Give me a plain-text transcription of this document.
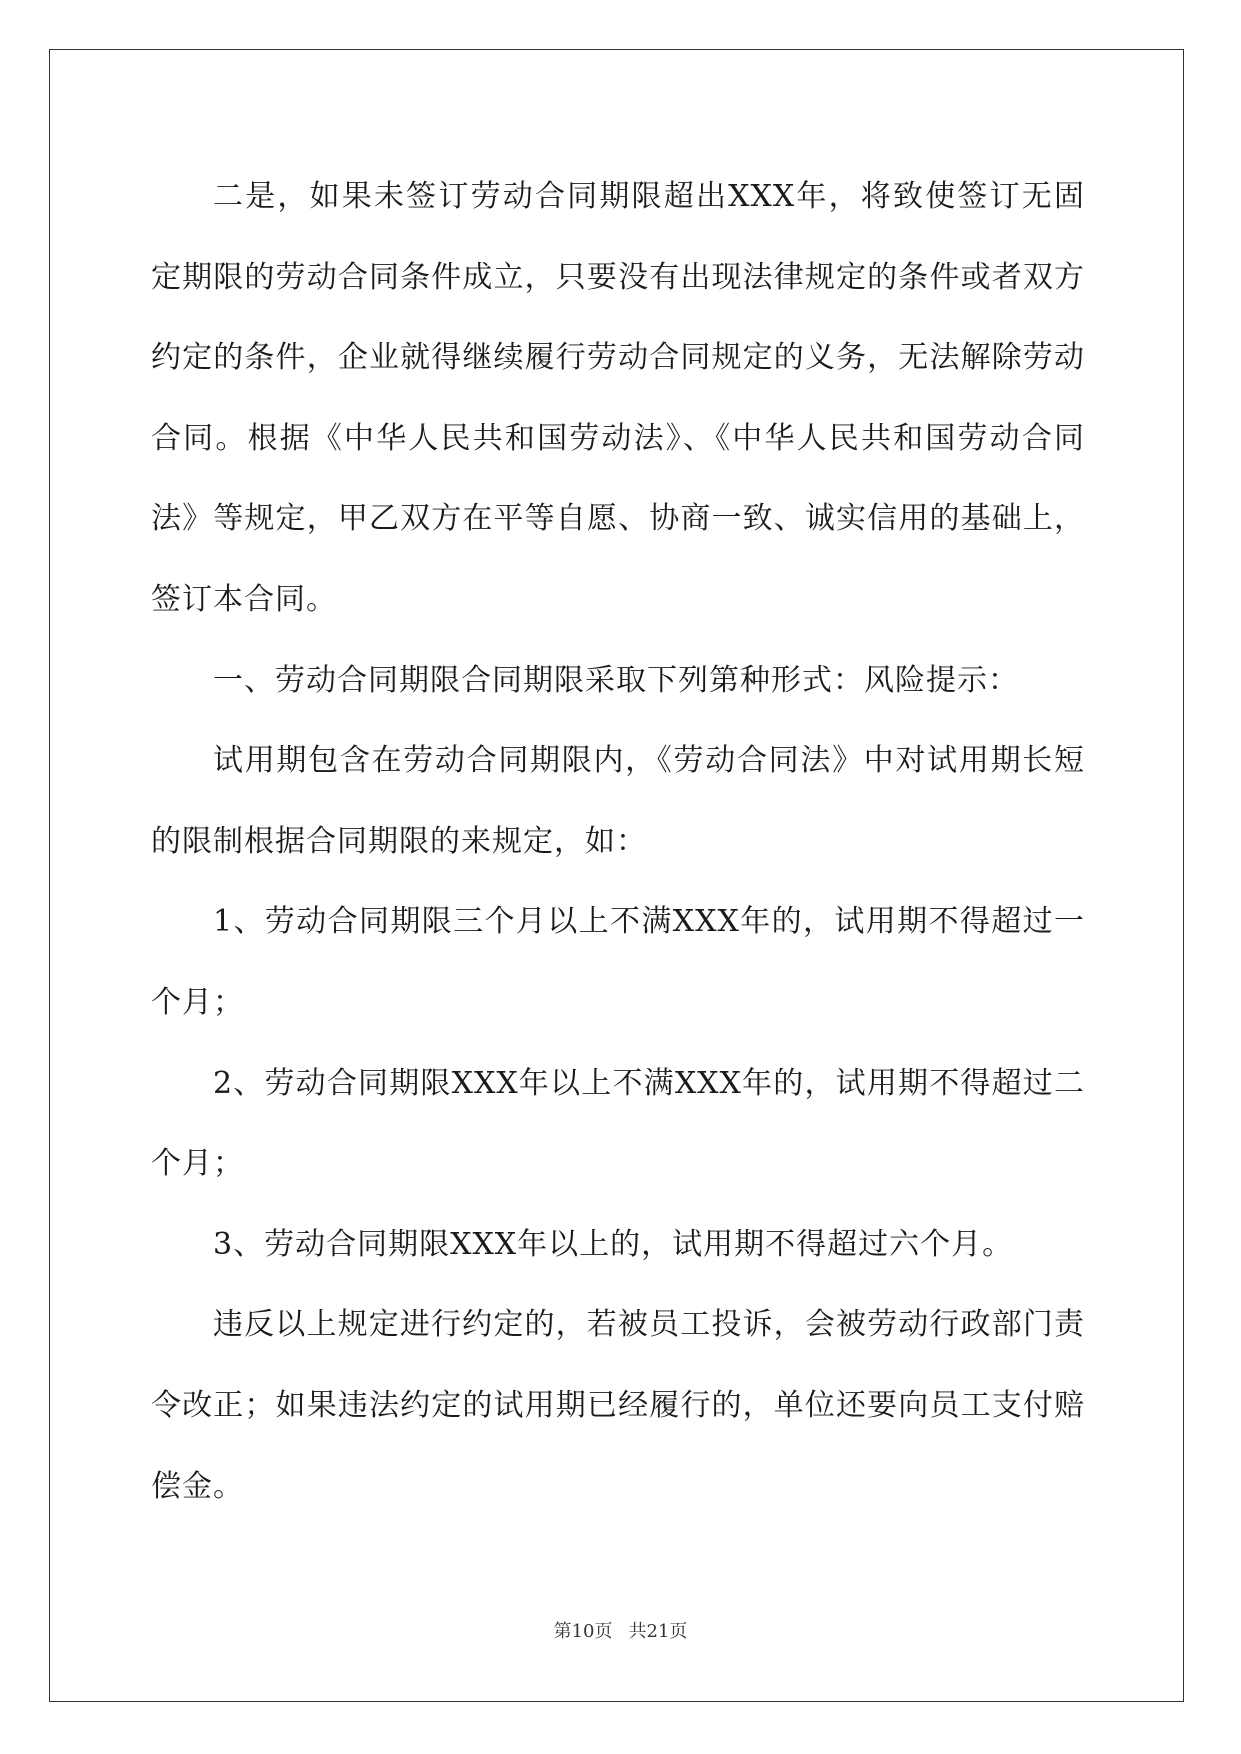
二是，如果未签订劳动合同期限超出XXX年，将致使签订无固定期限的劳动合同条件成立，只要没有出现法律规定的条件或者双方约定的条件，企业就得继续履行劳动合同规定的义务，无法解除劳动合同。根据《中华人民共和国劳动法》、《中华人民共和国劳动合同法》等规定，甲乙双方在平等自愿、协商一致、诚实信用的基础上，签订本合同。

一、劳动合同期限合同期限采取下列第种形式：风险提示：

试用期包含在劳动合同期限内，《劳动合同法》中对试用期长短的限制根据合同期限的来规定，如：

1、劳动合同期限三个月以上不满XXX年的，试用期不得超过一个月；

2、劳动合同期限XXX年以上不满XXX年的，试用期不得超过二个月；

3、劳动合同期限XXX年以上的，试用期不得超过六个月。

违反以上规定进行约定的，若被员工投诉，会被劳动行政部门责令改正；如果违法约定的试用期已经履行的，单位还要向员工支付赔偿金。

第10页 共21页
